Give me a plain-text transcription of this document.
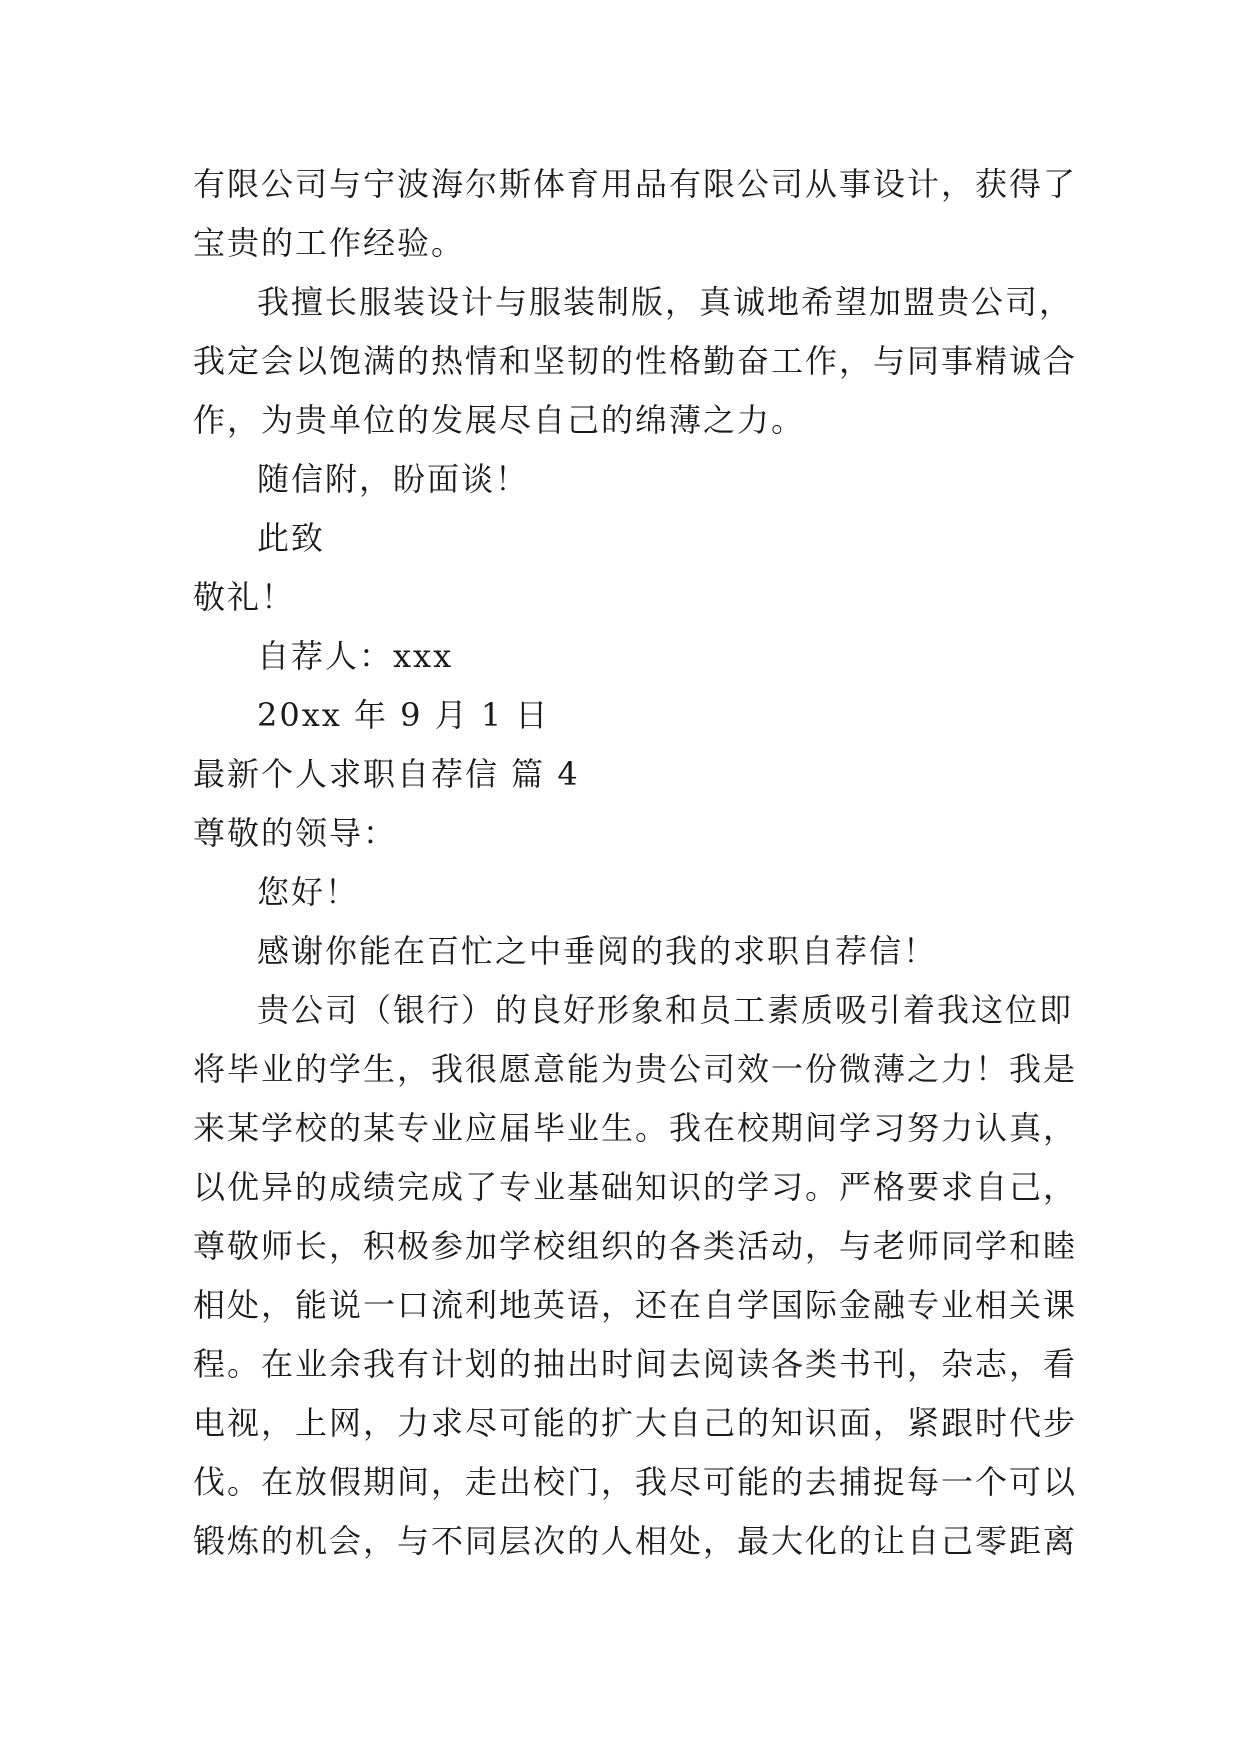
有限公司与宁波海尔斯体育用品有限公司从事设计，获得了
宝贵的工作经验。
我擅长服装设计与服装制版，真诚地希望加盟贵公司，
我定会以饱满的热情和坚韧的性格勤奋工作，与同事精诚合
作，为贵单位的发展尽自己的绵薄之力。
随信附，盼面谈！
此致
敬礼！
自荐人：xxx
20xx 年 9 月 1 日
最新个人求职自荐信 篇 4
尊敬的领导：
您好！
感谢你能在百忙之中垂阅的我的求职自荐信！
贵公司（银行）的良好形象和员工素质吸引着我这位即
将毕业的学生，我很愿意能为贵公司效一份微薄之力！我是
来某学校的某专业应届毕业生。我在校期间学习努力认真，
以优异的成绩完成了专业基础知识的学习。严格要求自己，
尊敬师长，积极参加学校组织的各类活动，与老师同学和睦
相处，能说一口流利地英语，还在自学国际金融专业相关课
程。在业余我有计划的抽出时间去阅读各类书刊，杂志，看
电视，上网，力求尽可能的扩大自己的知识面，紧跟时代步
伐。在放假期间，走出校门，我尽可能的去捕捉每一个可以
锻炼的机会，与不同层次的人相处，最大化的让自己零距离
